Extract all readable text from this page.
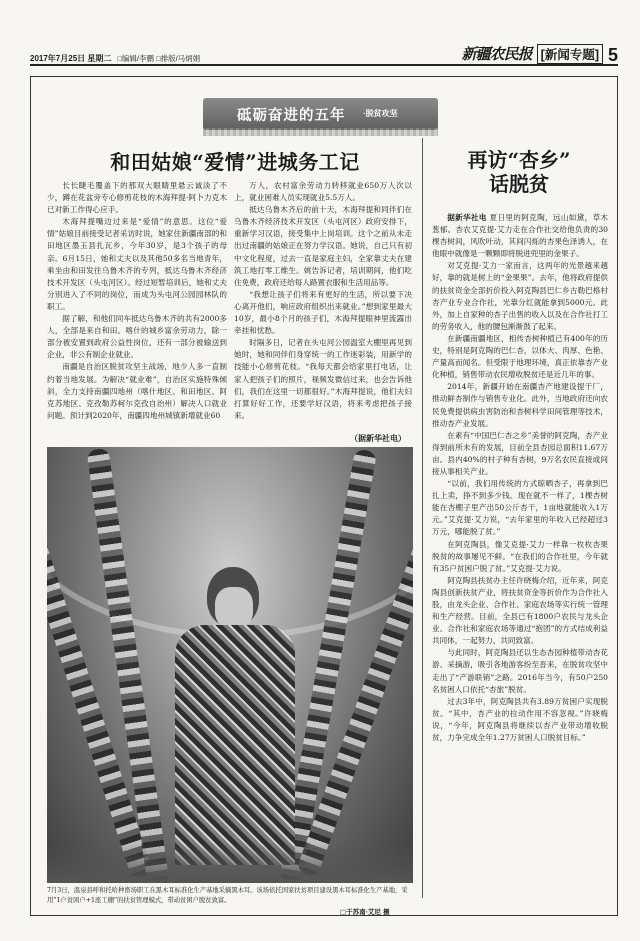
2017年7月25日 星期二 □编辑/李鹏 □排版/马炳娟	新疆农民报 [新闻专题] 5
砥砺奋进的五年 ·脱贫攻坚
和田姑娘“爱情”进城务工记

长长睫毛覆盖下的那双大眼睛里悬云诚淡了不少，蹲在花盆旁专心修剪花枝的木海拜提·阿卜力克木已对新工作得心应手。

木海拜提嘴边过来是“爱情”的意思。这位“爱情”姑娘目前接受记者采访时说，她家住新疆南部的和田地区墨玉县扎瓦乡，今年30岁，是3个孩子的母亲。6月15日，她和丈夫以及其他50多名当地青年，乘坐由和田发往乌鲁木齐的专列，抵达乌鲁木齐经济技术开发区（头屯河区）。经过短暂培训后，她和丈夫分别进入了不同的岗位，而成为头屯河公园园林队的职工。

据了解，和他们同车抵达乌鲁木齐的共有2000多人，全部是来自和田、喀什的城乡富余劳动力，除一部分被安置到政府公益性岗位，还有一部分被输送到企业，非公有制企业就业。

南疆是自治区脱贫攻坚主战场，地少人多一直制约着当地发展。为解决“就业难”，自治区实施特殊倾斜，全力支持南疆四地州（喀什地区、和田地区、阿克苏地区、克孜勒苏柯尔克孜自治州）解决人口就业问题。预计到2020年，南疆四地州城镇新增就业60

万人，农村富余劳动力转移就业650万人次以上，就业困难人员实现就业5.5万人。

抵达乌鲁木齐后的前十天，木海拜提和同伴们在乌鲁木齐经济技术开发区（头屯河区）政府安排下，重新学习汉语，接受集中上岗培训。这个之前从未走出过南疆的姑娘正在努力学汉语。她说，自己只有初中文化程度，过去一直是家庭主妇，全家靠丈夫在建筑工地打零工维生。姚告诉记者，培训期间，他们吃住免费，政府还给每人路置衣服和生活用品等。

“我想让孩子们将来有更好的生活，所以要下决心离开他们，响应政府组织出来就业。”想到家里最大10岁，最小8个月的孩子们，木海拜提眼神里流露出牵挂和忧愁。

时隔多日，记者在头屯河公园温室大棚里再见到她时，她和同伴们身穿统一的工作迷彩装，用新学的技能小心修剪花枝。“我每天都会给家里打电话，让家人把孩子们的照片，视频发微信过来，也会告诉他们，我们在这里一切都很好。”木海拜提说，他们夫妇打算好好工作，还要学好汉语，将来考虑把孩子接来。

（据新华社电）
7月3日，温泉县呼和托哈种畜场职工在黑木耳标准化生产基地采摘黑木耳。该场依托国家扶贫项目建设黑木耳标准化生产基地，采用“1户贫困户+1座工棚”的扶贫管理模式，带动贫困户脱贫致富。
□于苏南·艾尼 摄
再访“杏乡”
话脱贫

据新华社电 夏日里的阿克陶，远山如黛，草木葱郁。杏农艾克提·艾力走在合作社交给他负责的30棵杏树间，风吹叶动，其间闪烁的杏果色泽诱人，在他眼中就像是一颗颗即将脱进兜里的金果子。

对艾克提·艾力一家而言，这两年的光景越来越好，靠的就是树上的“金果果”。去年，他将政府提供的扶贫资金全部折价投入阿克陶县巴仁乡古勒巴格村杏产业专业合作社，光靠分红就能拿到5000元。此外，加上自家种的杏子出售的收入以及在合作社打工的劳务收入，他的腰包渐渐鼓了起来。

在新疆南疆地区，相传杏树种植已有400年的历史，特别是阿克陶的巴仁杏，以体大、肉厚、色艳、产量高而闻名。但受限于地理环境，真正依靠杏产业化种植，销售带动农民增收脱贫还是近几年的事。

2014年，新疆开始在南疆杏产地建设提干厂，推动鲜杏制作与销售专业化。此外，当地政府还向农民免费提供病虫害防治和杏树科学田间管理等技术，推动杏产业发展。

在素有“中国巴仁杏之乡”美誉的阿克陶，杏产业得到前所未有的发展，目前全县杏园总面积11.67万亩。县内40%的村子种有杏树，9万名农民直接或间接从事相关产业。

“以前，我们用传统的方式晾晒杏子，再拿到巴扎上卖，挣不到多少钱。现在就不一样了，1棵杏树能在杏棚子里产出50公斤杏干，1亩地就能收入1万元。”艾克提·艾力说，“去年家里的年收入已经超过3万元，哪能脱了贫。”

在阿克陶县，像艾克提·艾力一样靠一枚枚杏果脱贫的故事屡见不鲜。“在我们的合作社里，今年就有35户贫困户脱了贫。”艾克提·艾力说。

阿克陶县扶贫办主任许晓梅介绍，近年来，阿克陶县创新扶贫产业，将扶贫资金等折价作为合作社入股，由龙头企业、合作社、家庭农场等实行统一管理和生产经营。目前，全县已有1800户农民与龙头企业、合作社和家庭农场等通过“抱团”的方式结成利益共同体，一起努力、共同致富。

与此同时，阿克陶县还以生态杏园种植带动杏花游、采摘游，吸引各地游客纷至沓来，在脱贫攻坚中走出了“产游联销”之路。2016年当今，有50户250名贫困人口依托“杏旅”脱贫。

过去3年中，阿克陶县共有3.89万贫困户实现脱贫。“其中，杏产业的拉动作用不容忽视。”许晓梅说，“今年，阿克陶县将继续以杏产业带动增收脱贫，力争完成全年1.27万贫困人口脱贫目标。”
